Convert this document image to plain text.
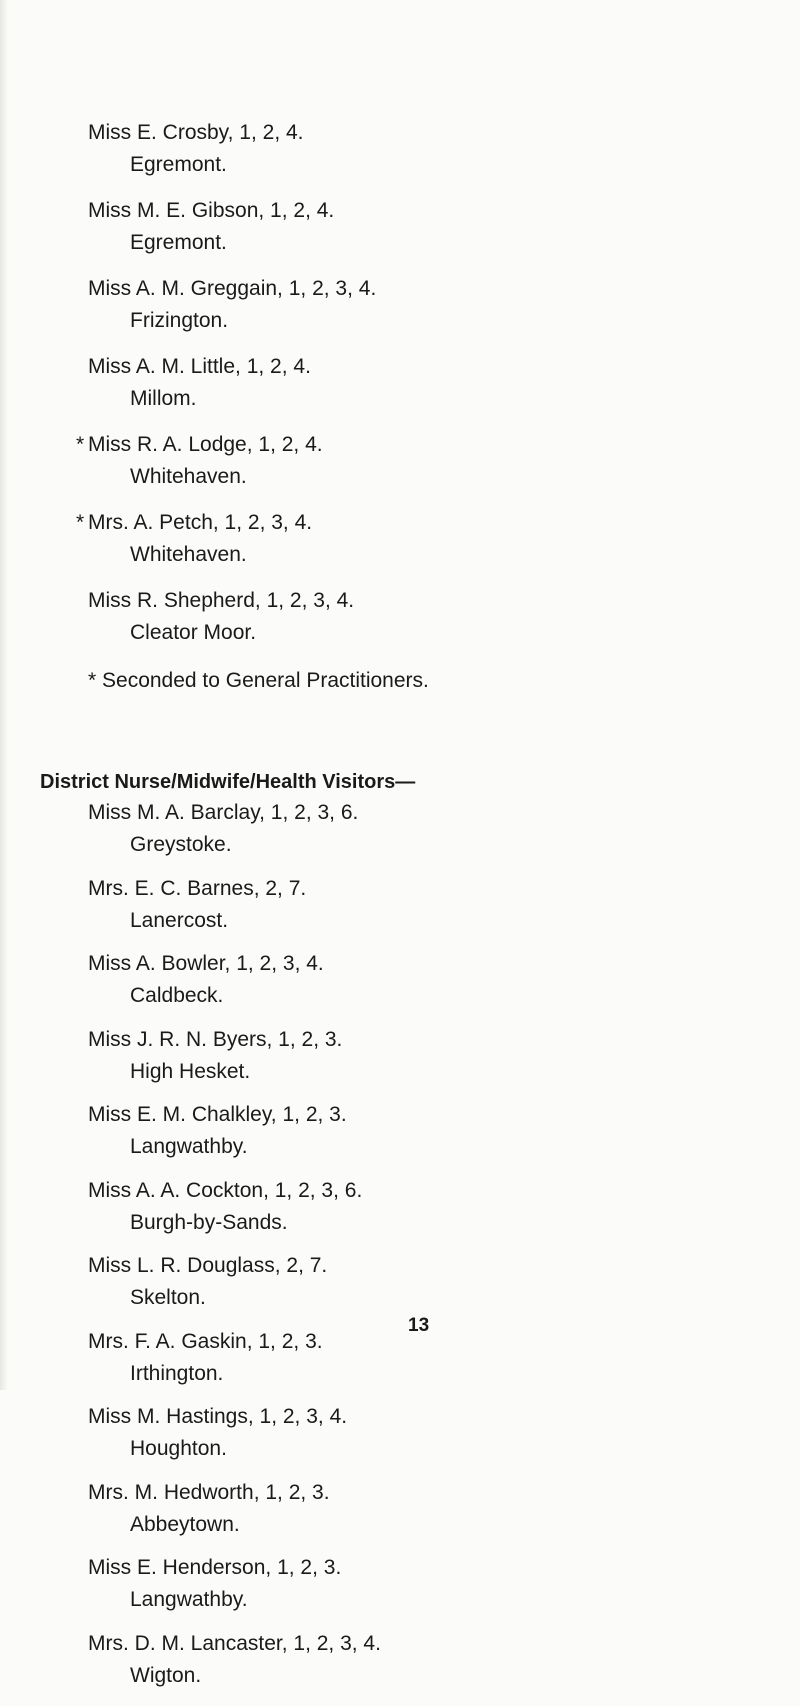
Miss E. Crosby, 1, 2, 4.
Egremont.
Miss M. E. Gibson, 1, 2, 4.
Egremont.
Miss A. M. Greggain, 1, 2, 3, 4.
Frizington.
Miss A. M. Little, 1, 2, 4.
Millom.
* Miss R. A. Lodge, 1, 2, 4.
Whitehaven.
* Mrs. A. Petch, 1, 2, 3, 4.
Whitehaven.
Miss R. Shepherd, 1, 2, 3, 4.
Cleator Moor.
* Seconded to General Practitioners.
District Nurse/Midwife/Health Visitors—
Miss M. A. Barclay, 1, 2, 3, 6.
Greystoke.
Mrs. E. C. Barnes, 2, 7.
Lanercost.
Miss A. Bowler, 1, 2, 3, 4.
Caldbeck.
Miss J. R. N. Byers, 1, 2, 3.
High Hesket.
Miss E. M. Chalkley, 1, 2, 3.
Langwathby.
Miss A. A. Cockton, 1, 2, 3, 6.
Burgh-by-Sands.
Miss L. R. Douglass, 2, 7.
Skelton.
Mrs. F. A. Gaskin, 1, 2, 3.
Irthington.
Miss M. Hastings, 1, 2, 3, 4.
Houghton.
Mrs. M. Hedworth, 1, 2, 3.
Abbeytown.
Miss E. Henderson, 1, 2, 3.
Langwathby.
Mrs. D. M. Lancaster, 1, 2, 3, 4.
Wigton.
13
